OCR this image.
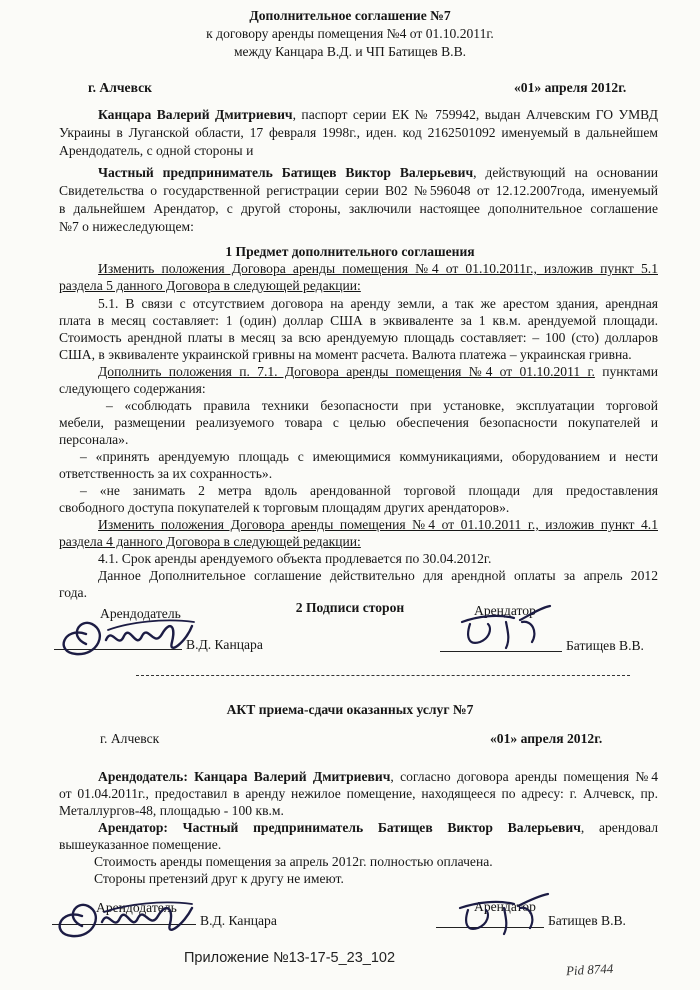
Дополнительное соглашение №7
к договору аренды помещения №4 от 01.10.2011г.
между Канцара В.Д. и ЧП Батищев В.В.
г. Алчевск	«01» апреля 2012г.
Канцара Валерий Дмитриевич, паспорт серии ЕК № 759942, выдан Алчевским ГО УМВД
Украины в Луганской области, 17 февраля 1998г., иден. код 2162501092 именуемый в дальнейшем
Арендодатель, с одной стороны и
Частный предприниматель Батищев Виктор Валерьевич, действующий на основании
Свидетельства о государственной регистрации серии В02 №596048 от 12.12.2007года, именуемый
в дальнейшем Арендатор, с другой стороны, заключили настоящее дополнительное соглашение
№7 о нижеследующем:
1 Предмет дополнительного соглашения
Изменить положения Договора аренды помещения №4 от 01.10.2011г., изложив пункт 5.1
раздела 5 данного Договора в следующей редакции:
5.1. В связи с отсутствием договора на аренду земли, а так же арестом здания, арендная
плата в месяц составляет: 1 (один) доллар США в эквиваленте за 1 кв.м. арендуемой площади.
Стоимость арендной платы в месяц за всю арендуемую площадь составляет: – 100 (сто) долларов
США, в эквиваленте украинской гривны на момент расчета. Валюта платежа – украинская гривна.
Дополнить положения п. 7.1. Договора аренды помещения №4 от 01.10.2011 г. пунктами
следующего содержания:
– «соблюдать правила техники безопасности при установке, эксплуатации торговой
мебели, размещении реализуемого товара с целью обеспечения безопасности покупателей и
персонала».
– «принять арендуемую площадь с имеющимися коммуникациями, оборудованием и нести
ответственность за их сохранность».
– «не занимать 2 метра вдоль арендованной торговой площади для предоставления
свободного доступа покупателей к торговым площадям других арендаторов».
Изменить положения Договора аренды помещения №4 от 01.10.2011 г., изложив пункт 4.1
раздела 4 данного Договора в следующей редакции:
4.1. Срок аренды арендуемого объекта продлевается по 30.04.2012г.
Данное Дополнительное соглашение действительно для арендной оплаты за апрель 2012
года.
2 Подписи сторон
Арендодатель
В.Д. Канцара
Арендатор
Батищев В.В.
АКТ приема-сдачи оказанных услуг №7
г. Алчевск	«01» апреля 2012г.
Арендодатель: Канцара Валерий Дмитриевич, согласно договора аренды помещения №4
от 01.04.2011г., предоставил в аренду нежилое помещение, находящееся по адресу: г. Алчевск, пр.
Металлургов-48, площадью - 100 кв.м.
Арендатор: Частный предприниматель Батищев Виктор Валерьевич, арендовал
вышеуказанное помещение.
Стоимость аренды помещения за апрель 2012г. полностью оплачена.
Стороны претензий друг к другу не имеют.
Арендодатель
В.Д. Канцара
Арендатор
Батищев В.В.
Приложение №13-17-5_23_102
Pid 8744
